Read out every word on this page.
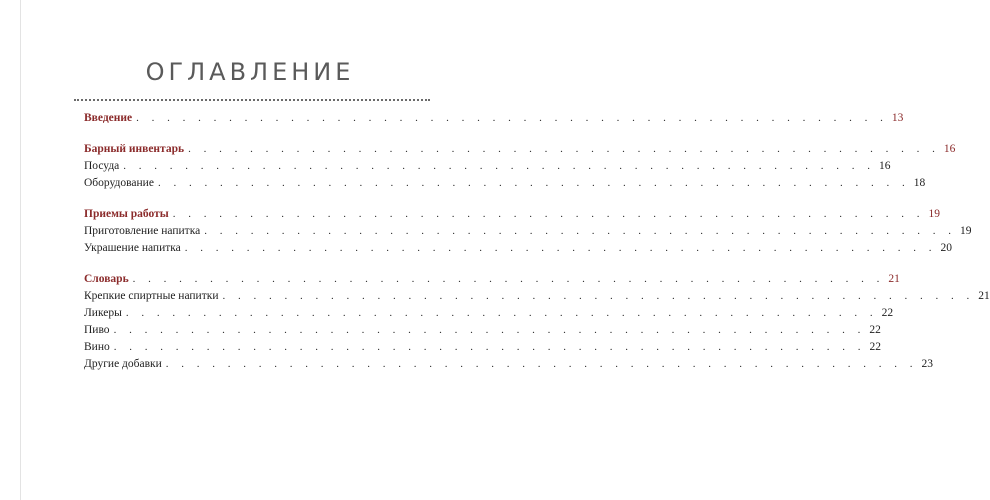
ОГЛАВЛЕНИЕ
Введение . . . . . . . . . . . . . . . . . . . . . . . . . . . . . . . . . . . . . . . . . . . . . . . . . 13
Барный инвентарь . . . . . . . . . . . . . . . . . . . . . . . . . . . . . . . . . . . . . . . . . . . . . . . . . 16
Посуда . . . . . . . . . . . . . . . . . . . . . . . . . . . . . . . . . . . . . . . . . . . . . . . . . 16
Оборудование . . . . . . . . . . . . . . . . . . . . . . . . . . . . . . . . . . . . . . . . . . . . . . . . . 18
Приемы работы . . . . . . . . . . . . . . . . . . . . . . . . . . . . . . . . . . . . . . . . . . . . . . . . . 19
Приготовление напитка . . . . . . . . . . . . . . . . . . . . . . . . . . . . . . . . . . . . . . . . . . . . . . . . . 19
Украшение напитка . . . . . . . . . . . . . . . . . . . . . . . . . . . . . . . . . . . . . . . . . . . . . . . . . 20
Словарь . . . . . . . . . . . . . . . . . . . . . . . . . . . . . . . . . . . . . . . . . . . . . . . . . 21
Крепкие спиртные напитки . . . . . . . . . . . . . . . . . . . . . . . . . . . . . . . . . . . . . . . . . . . . . . . . . 21
Ликеры . . . . . . . . . . . . . . . . . . . . . . . . . . . . . . . . . . . . . . . . . . . . . . . . . 22
Пиво . . . . . . . . . . . . . . . . . . . . . . . . . . . . . . . . . . . . . . . . . . . . . . . . . 22
Вино . . . . . . . . . . . . . . . . . . . . . . . . . . . . . . . . . . . . . . . . . . . . . . . . . 22
Другие добавки . . . . . . . . . . . . . . . . . . . . . . . . . . . . . . . . . . . . . . . . . . . . . . . . . 23
